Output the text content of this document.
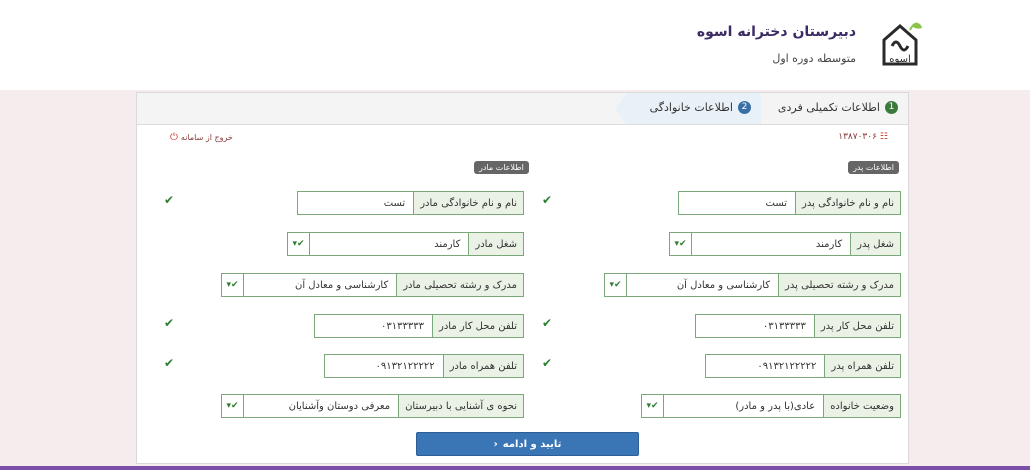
اسوه
دبیرستان دخترانه اسوه
متوسطه دوره اول
1
اطلاعات تکمیلی فردی
2
اطلاعات خانوادگی
☷
۱۳۸۷۰۳۰۶
خروج از سامانه
⏻
اطلاعات پدر
اطلاعات مادر
نام و نام خانوادگی پدر
تست
✔
شغل پدر
کارمند
✔▾
مدرک و رشته تحصیلی پدر
کارشناسی و معادل آن
✔▾
تلفن محل کار پدر
۰۳۱۳۳۳۳۳
✔
تلفن همراه پدر
۰۹۱۳۲۱۲۲۲۲۲
✔
وضعیت خانواده
عادی(با پدر و مادر)
✔▾
نام و نام خانوادگی مادر
تست
✔
شغل مادر
کارمند
✔▾
مدرک و رشته تحصیلی مادر
کارشناسی و معادل آن
✔▾
تلفن محل کار مادر
۰۳۱۳۳۳۳۳
✔
تلفن همراه مادر
۰۹۱۳۲۱۲۲۲۲۲
✔
نحوه ی آشنایی با دبیرستان
معرفی دوستان وآشنایان
✔▾
تایید و ادامه
‹
